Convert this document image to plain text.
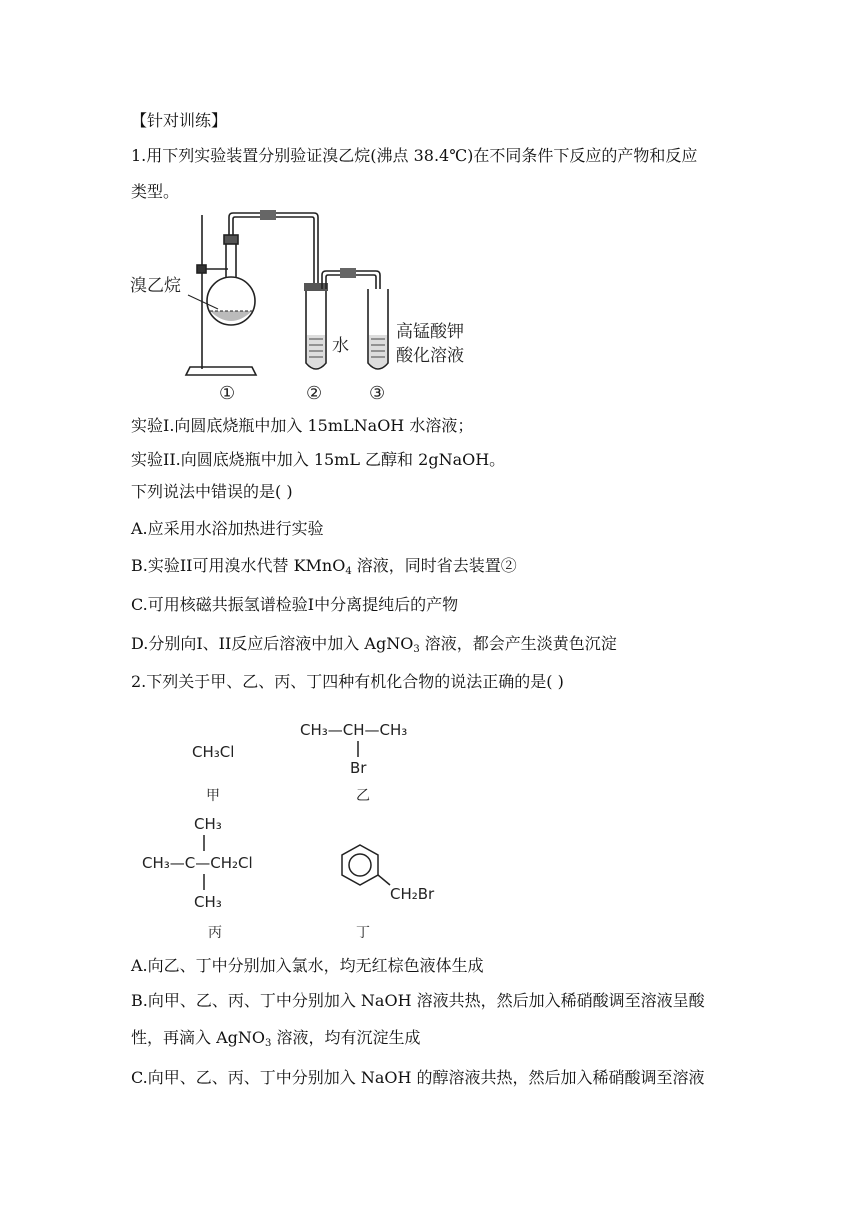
【针对训练】
1.用下列实验装置分别验证溴乙烷(沸点 38.4℃)在不同条件下反应的产物和反应
类型。
溴乙烷
水
高锰酸钾
酸化溶液
①	②	③
实验I.向圆底烧瓶中加入 15mLNaOH 水溶液；
实验II.向圆底烧瓶中加入 15mL 乙醇和 2gNaOH。
下列说法中错误的是( )
A.应采用水浴加热进行实验
B.实验II可用溴水代替 KMnO$_4$ 溶液，同时省去装置②
C.可用核磁共振氢谱检验I中分离提纯后的产物
D.分别向I、II反应后溶液中加入 AgNO$_3$ 溶液，都会产生淡黄色沉淀
2.下列关于甲、乙、丙、丁四种有机化合物的说法正确的是( )
CH₃Cl
甲
CH₃—CH—CH₃
Br
乙
CH₃
CH₃—C—CH₂Cl
CH₃
丙
CH₂Br
丁
A.向乙、丁中分别加入氯水，均无红棕色液体生成
B.向甲、乙、丙、丁中分别加入 NaOH 溶液共热，然后加入稀硝酸调至溶液呈酸
性，再滴入 AgNO$_3$ 溶液，均有沉淀生成
C.向甲、乙、丙、丁中分别加入 NaOH 的醇溶液共热，然后加入稀硝酸调至溶液
